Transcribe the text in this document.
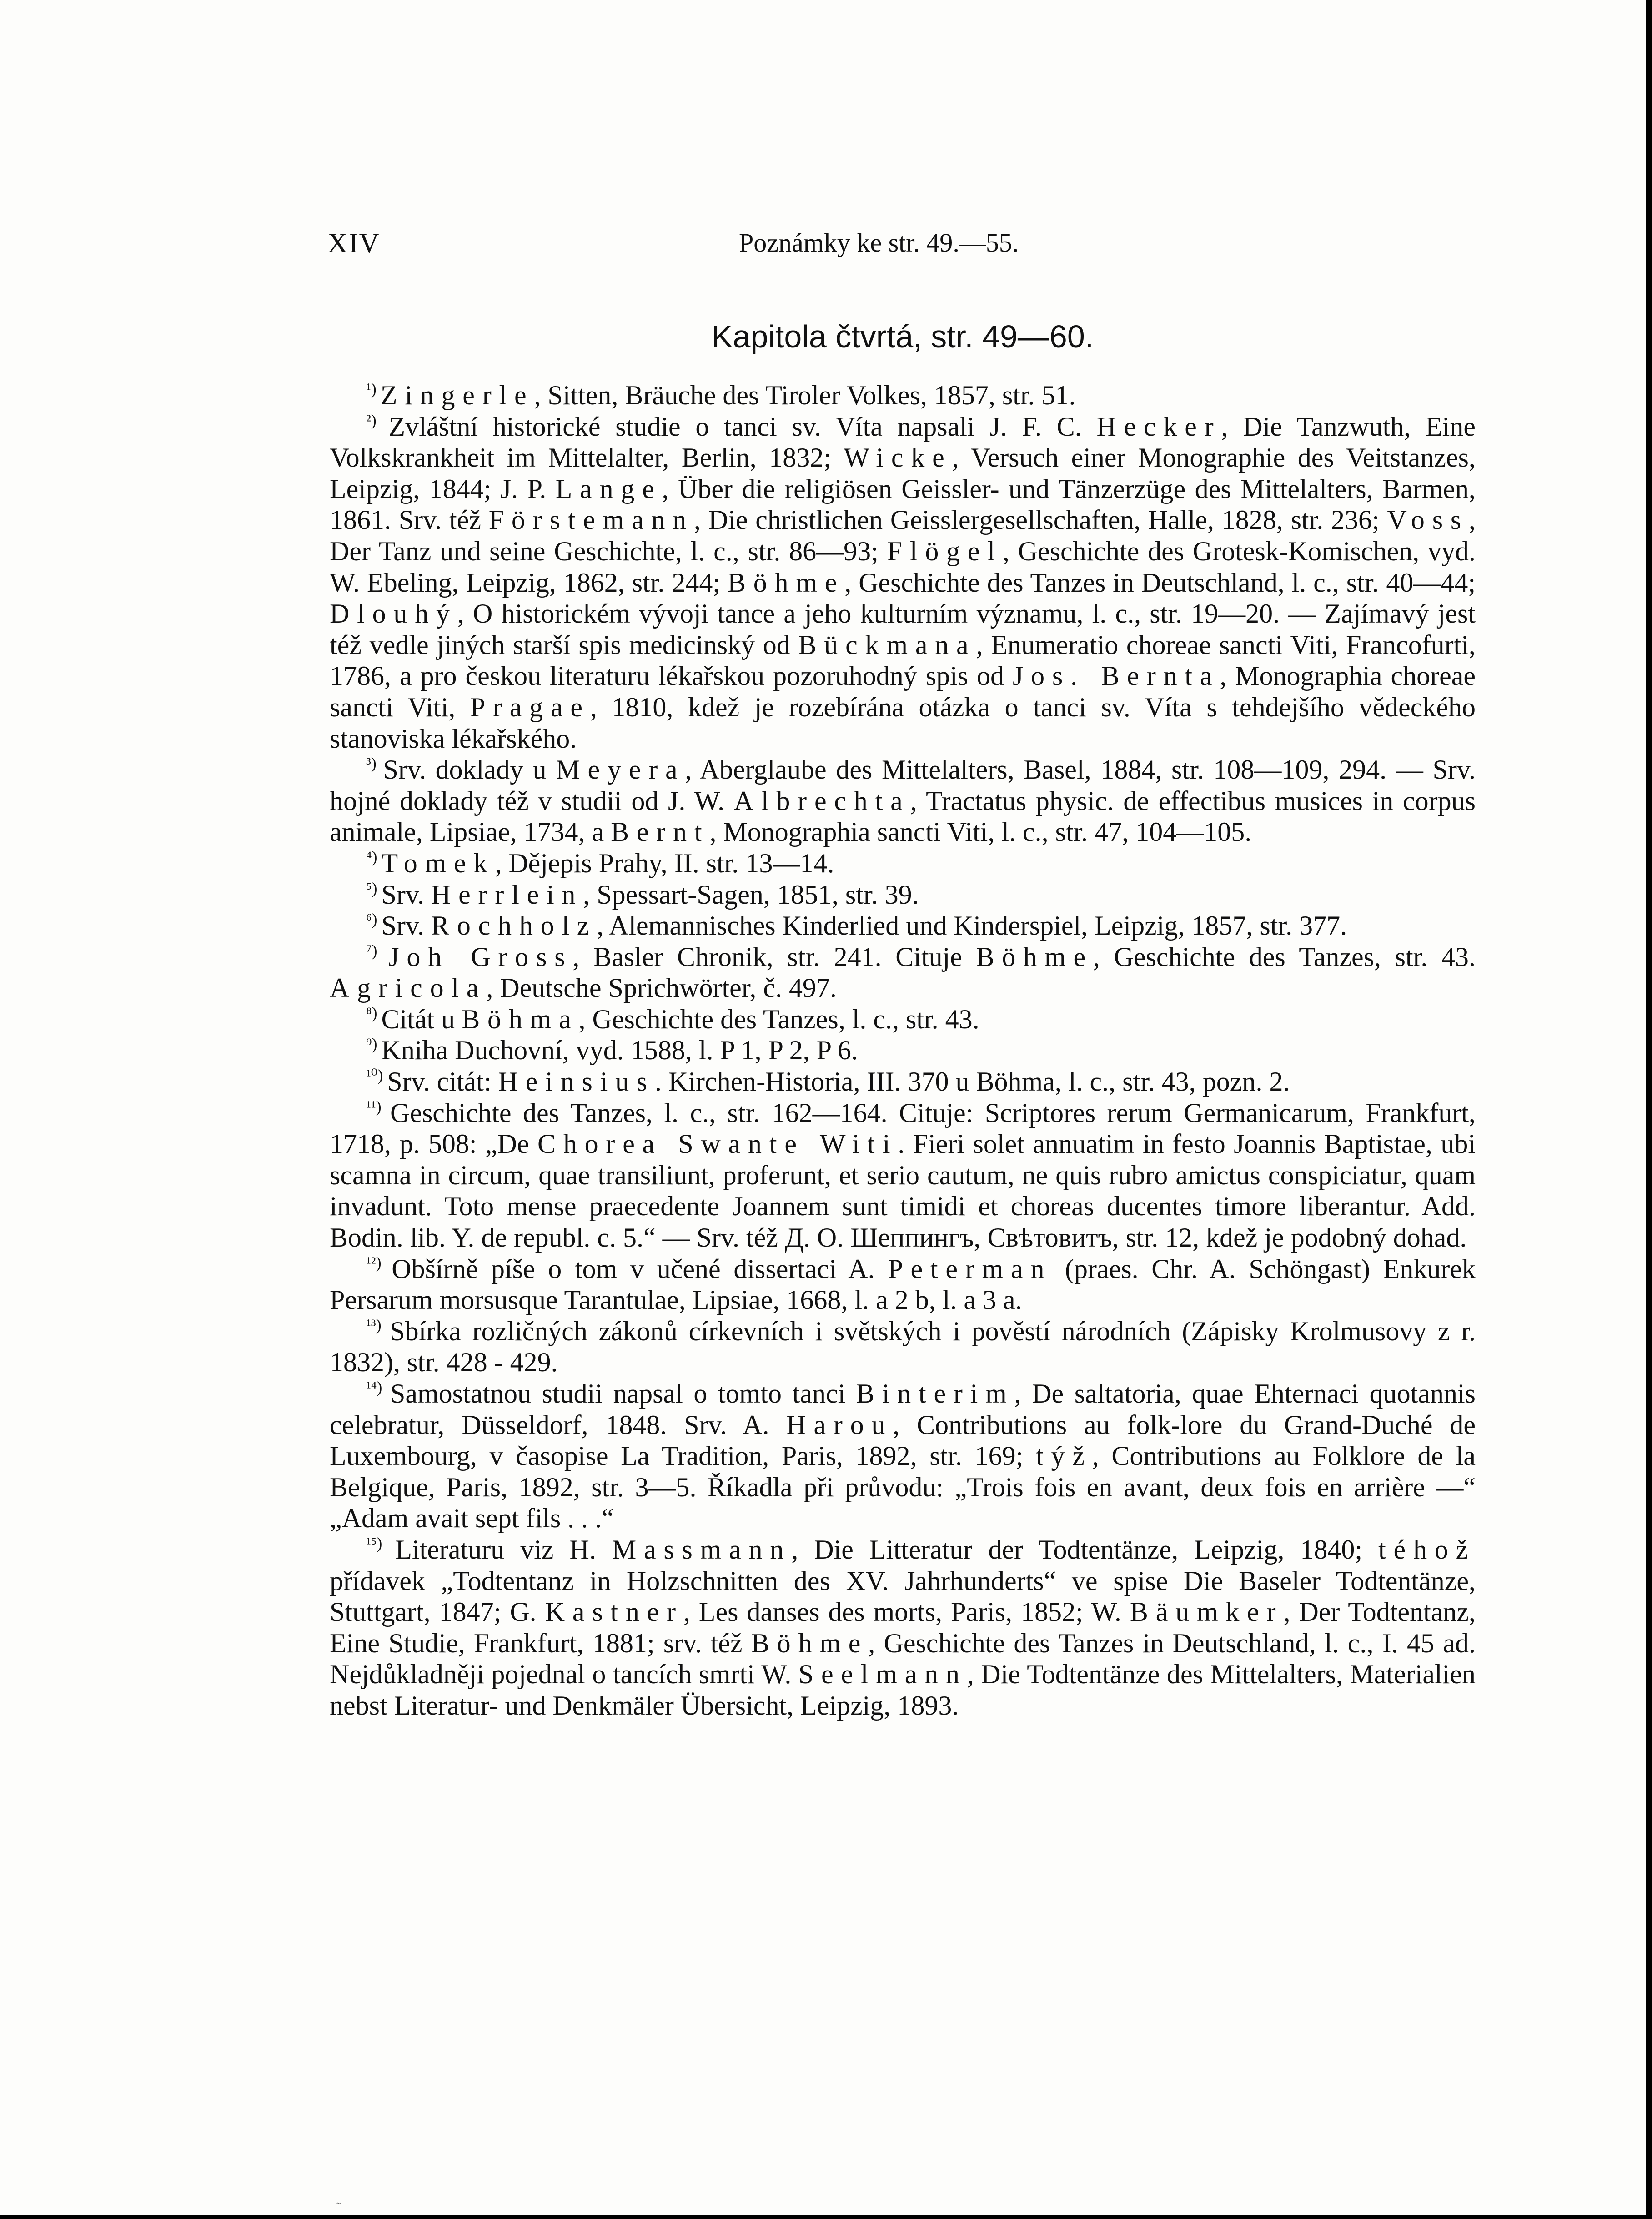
XIV	Poznámky ke str. 49.—55.
Kapitola čtvrtá, str. 49—60.

$^{^1)}$ Zingerle, Sitten, Bräuche des Tiroler Volkes, 1857, str. 51.

$^{^2)}$ Zvláštní historické studie o tanci sv. Víta napsali J. F. C. Hecker, Die Tanzwuth, Eine Volkskrankheit im Mittelalter, Berlin, 1832; Wicke, Versuch einer Monographie des Veitstanzes, Leipzig, 1844; J. P. Lange, Über die religiösen Geissler- und Tänzerzüge des Mittelalters, Barmen, 1861. Srv. též Förstemann, Die christlichen Geisslergesellschaften, Halle, 1828, str. 236; Voss, Der Tanz und seine Geschichte, l. c., str. 86—93; Flögel, Geschichte des Grotesk-Komischen, vyd. W. Ebeling, Leipzig, 1862, str. 244; Böhme, Geschichte des Tanzes in Deutschland, l. c., str. 40—44; Dlouhý, O historickém vývoji tance a jeho kulturním významu, l. c., str. 19—20. — Zajímavý jest též vedle jiných starší spis medicinský od Bückmana, Enumeratio choreae sancti Viti, Francofurti, 1786, a pro českou literaturu lékařskou pozoruhodný spis od Jos. Bernta, Monographia choreae sancti Viti, Pragae, 1810, kdež je rozebírána otázka o tanci sv. Víta s tehdejšího vědeckého stanoviska lékařského.

$^{^3)}$ Srv. doklady u Meyera, Aberglaube des Mittelalters, Basel, 1884, str. 108—109, 294. — Srv. hojné doklady též v studii od J. W. Albrechta, Tractatus physic. de effectibus musices in corpus animale, Lipsiae, 1734, a Bernt, Monographia sancti Viti, l. c., str. 47, 104—105.

$^{^4)}$ Tomek, Dějepis Prahy, II. str. 13—14.

$^{^5)}$ Srv. Herrlein, Spessart-Sagen, 1851, str. 39.

$^{^6)}$ Srv. Rochholz, Alemannisches Kinderlied und Kinderspiel, Leipzig, 1857, str. 377.

$^{^7)}$ Joh Gross, Basler Chronik, str. 241. Cituje Böhme, Geschichte des Tanzes, str. 43. Agricola, Deutsche Sprichwörter, č. 497.

$^{^8)}$ Citát u Böhma, Geschichte des Tanzes, l. c., str. 43.

$^{^9)}$ Kniha Duchovní, vyd. 1588, l. P 1, P 2, P 6.

$^{^{10})}$ Srv. citát: Heinsius. Kirchen-Historia, III. 370 u Böhma, l. c., str. 43, pozn. 2.

$^{^{11})}$ Geschichte des Tanzes, l. c., str. 162—164. Cituje: Scriptores rerum Germanicarum, Frankfurt, 1718, p. 508: „De Chorea Swante Witi. Fieri solet annuatim in festo Joannis Baptistae, ubi scamna in circum, quae transiliunt, proferunt, et serio cautum, ne quis rubro amictus conspiciatur, quam invadunt. Toto mense praecedente Joannem sunt timidi et choreas ducentes timore liberantur. Add. Bodin. lib. Y. de republ. c. 5.“ — Srv. též Д. О. Шеппингъ, Свѣтовитъ, str. 12, kdež je podobný dohad.

$^{^{12})}$ Obšírně píše o tom v učené dissertaci A. Peterman (praes. Chr. A. Schöngast) Enkurek Persarum morsusque Tarantulae, Lipsiae, 1668, l. a 2 b, l. a 3 a.

$^{^{13})}$ Sbírka rozličných zákonů církevních i světských i pověstí národních (Zápisky Krolmusovy z r. 1832), str. 428 - 429.

$^{^{14})}$ Samostatnou studii napsal o tomto tanci Binterim, De saltatoria, quae Ehternaci quotannis celebratur, Düsseldorf, 1848. Srv. A. Harou, Contributions au folk-lore du Grand-Duché de Luxembourg, v časopise La Tradition, Paris, 1892, str. 169; týž, Contributions au Folklore de la Belgique, Paris, 1892, str. 3—5. Říkadla při průvodu: „Trois fois en avant, deux fois en arrière —“ „Adam avait sept fils . . .“

$^{^{15})}$ Literaturu viz H. Massmann, Die Litteratur der Todtentänze, Leipzig, 1840; téhož přídavek „Todtentanz in Holzschnitten des XV. Jahrhunderts“ ve spise Die Baseler Todtentänze, Stuttgart, 1847; G. Kastner, Les danses des morts, Paris, 1852; W. Bäumker, Der Todtentanz, Eine Studie, Frankfurt, 1881; srv. též Böhme, Geschichte des Tanzes in Deutschland, l. c., I. 45 ad. Nejdůkladněji pojednal o tancích smrti W. Seelmann, Die Todtentänze des Mittelalters, Materialien nebst Literatur- und Denkmäler Übersicht, Leipzig, 1893.

˜
